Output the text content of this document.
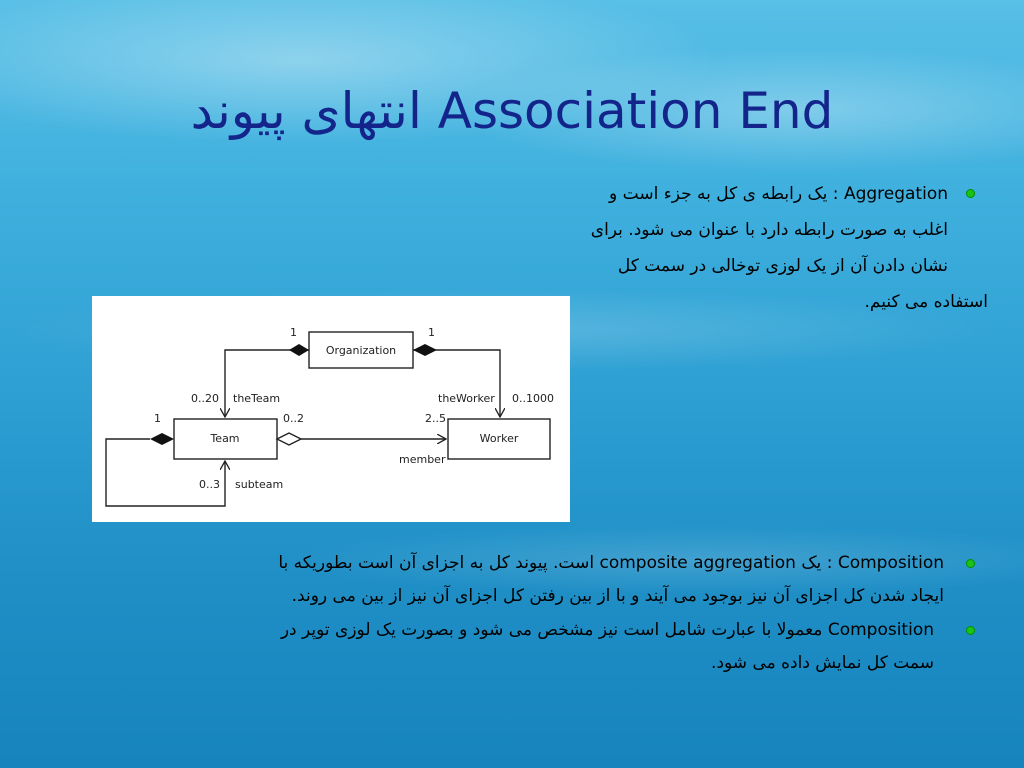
انتهای پیوند Association End
Aggregation : یک رابطه ی کل به جزء است و
اغلب به صورت رابطه دارد با عنوان می شود. برای
نشان دادن آن از یک لوزی توخالی در سمت کل
استفاده می کنیم.
Organization
Team	Worker
1	1
0..20 theTeam	theWorker 0..1000
1	0..2	2..5
member
0..3 subteam
Composition : یک composite aggregation است. پیوند کل به اجزای آن است بطوریکه با
ایجاد شدن کل اجزای آن نیز بوجود می آیند و با از بین رفتن کل اجزای آن نیز از بین می روند.
Composition معمولا با عبارت شامل است نیز مشخص می شود و بصورت یک لوزی توپر در
سمت کل نمایش داده می شود.
